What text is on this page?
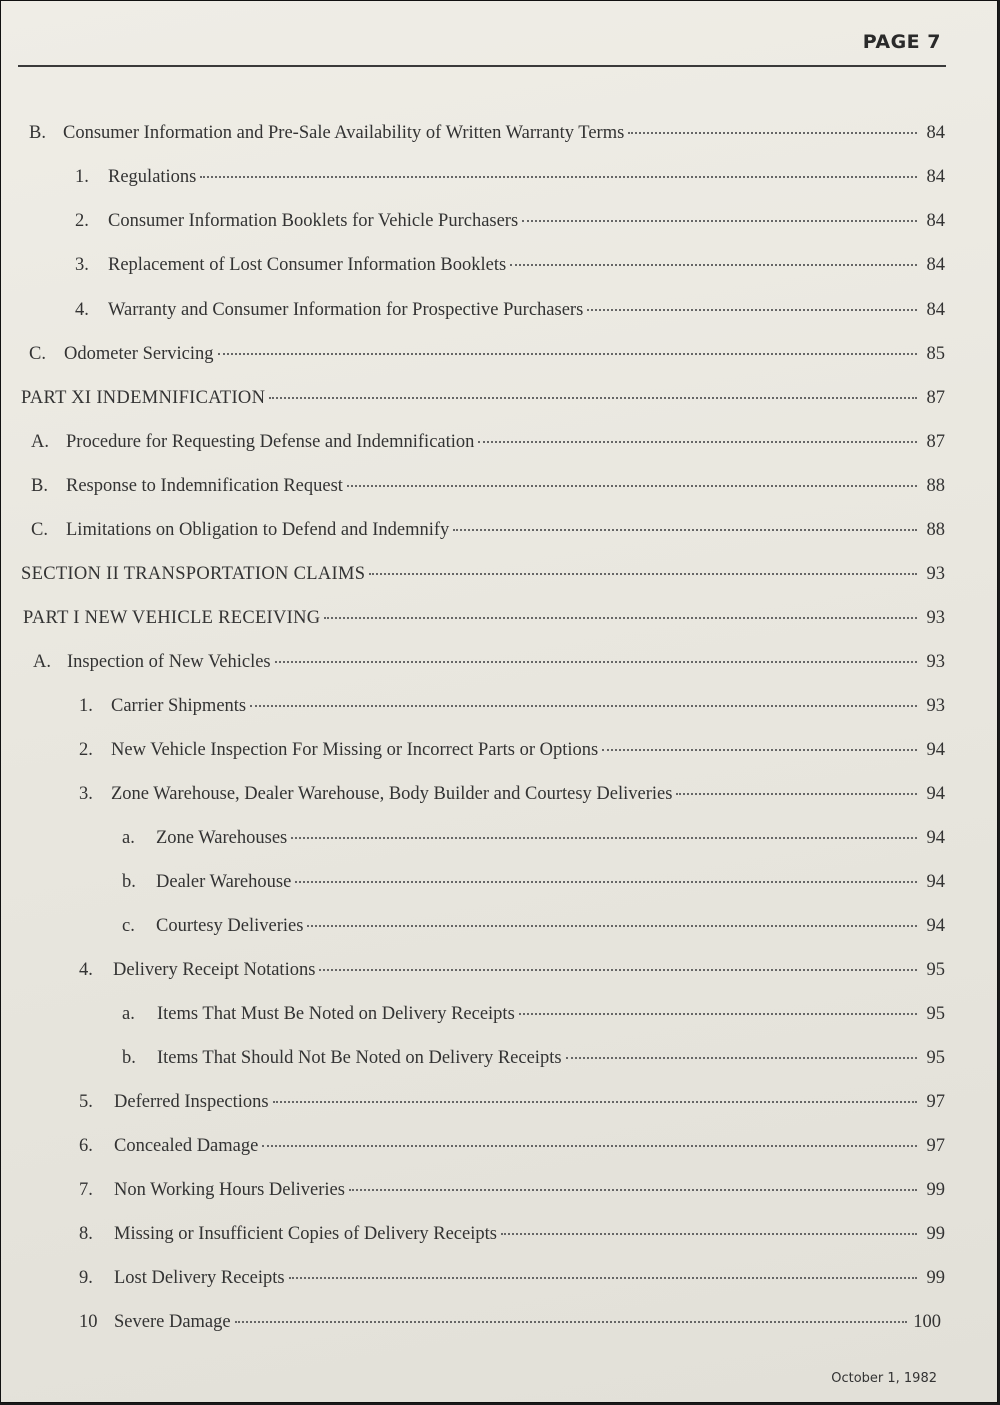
PAGE 7
B. Consumer Information and Pre-Sale Availability of Written Warranty Terms	84
1.	Regulations	84
2.	Consumer Information Booklets for Vehicle Purchasers	84
3.	Replacement of Lost Consumer Information Booklets	84
4.	Warranty and Consumer Information for Prospective Purchasers	84
C. Odometer Servicing	85
PART XI INDEMNIFICATION	87
A. Procedure for Requesting Defense and Indemnification	87
B. Response to Indemnification Request	88
C. Limitations on Obligation to Defend and Indemnify	88
SECTION II TRANSPORTATION CLAIMS	93
PART I NEW VEHICLE RECEIVING	93
A. Inspection of New Vehicles	93
1. Carrier Shipments	93
2. New Vehicle Inspection For Missing or Incorrect Parts or Options	94
3. Zone Warehouse, Dealer Warehouse, Body Builder and Courtesy Deliveries	94
a.	Zone Warehouses	94
b.	Dealer Warehouse	94
c.	Courtesy Deliveries	94
4.	Delivery Receipt Notations	95
a.	Items That Must Be Noted on Delivery Receipts	95
b.	Items That Should Not Be Noted on Delivery Receipts	95
5.	Deferred Inspections	97
6.	Concealed Damage	97
7.	Non Working Hours Deliveries	99
8.	Missing or Insufficient Copies of Delivery Receipts	99
9.	Lost Delivery Receipts	99
10 Severe Damage	100
October 1, 1982
